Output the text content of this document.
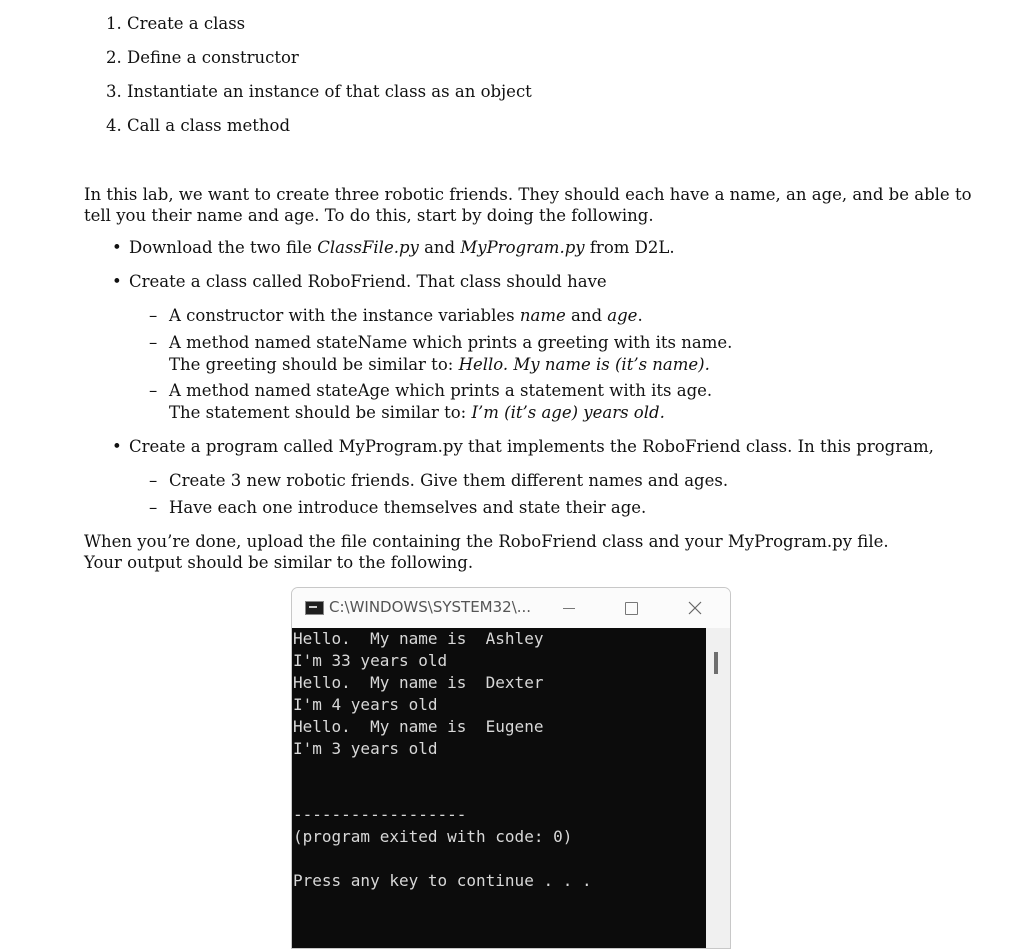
1. Create a class
2. Define a constructor
3. Instantiate an instance of that class as an object
4. Call a class method
In this lab, we want to create three robotic friends. They should each have a name, an age, and be able to
tell you their name and age. To do this, start by doing the following.
• Download the two file ClassFile.py and MyProgram.py from D2L.
• Create a class called RoboFriend. That class should have
– A constructor with the instance variables name and age.
– A method named stateName which prints a greeting with its name.
The greeting should be similar to: Hello. My name is (it’s name).
– A method named stateAge which prints a statement with its age.
The statement should be similar to: I’m (it’s age) years old.
• Create a program called MyProgram.py that implements the RoboFriend class. In this program,
– Create 3 new robotic friends. Give them different names and ages.
– Have each one introduce themselves and state their age.
When you’re done, upload the file containing the RoboFriend class and your MyProgram.py file.
Your output should be similar to the following.
C:\WINDOWS\SYSTEM32\...

Hello.  My name is  Ashley

I'm 33 years old

Hello.  My name is  Dexter

I'm 4 years old

Hello.  My name is  Eugene

I'm 3 years old

------------------

(program exited with code: 0)

Press any key to continue . . .
